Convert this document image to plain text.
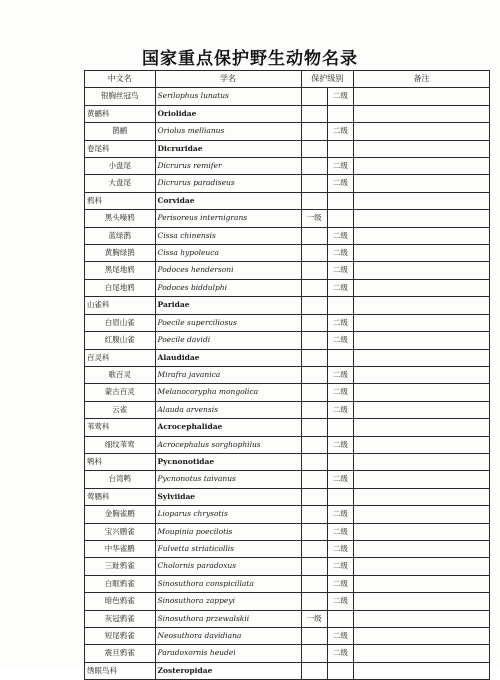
国家重点保护野生动物名录
中文名	学名	保护级别		备注
银胸丝冠鸟	Serilophus lunatus		二级	
黄鹂科	Oriolidae			
鹊鹂	Oriolus mellianus		二级	
卷尾科	Dicruridae			
小盘尾	Dicrurus remifer		二级	
大盘尾	Dicrurus paradiseus		二级	
鸦科	Corvidae			
黑头噪鸦	Perisoreus internigrans	一级		
蓝绿鹊	Cissa chinensis		二级	
黄胸绿鹊	Cissa hypoleuca		二级	
黑尾地鸦	Podoces hendersoni		二级	
白尾地鸦	Podoces biddulphi		二级	
山雀科	Paridae			
白眉山雀	Poecile superciliosus		二级	
红腹山雀	Poecile davidi		二级	
百灵科	Alaudidae			
歌百灵	Mirafra javanica		二级	
蒙古百灵	Melanocorypha mongolica		二级	
云雀	Alauda arvensis		二级	
苇莺科	Acrocephalidae			
细纹苇莺	Acrocephalus sorghophilus		二级	
鹎科	Pycnonotidae			
台湾鹎	Pycnonotus taivanus		二级	
莺鹛科	Sylviidae			
金胸雀鹛	Lioparus chrysotis		二级	
宝兴鹛雀	Moupinia poecilotis		二级	
中华雀鹛	Fulvetta striaticollis		二级	
三趾鸦雀	Cholornis paradoxus		二级	
白眶鸦雀	Sinosuthora conspicillata		二级	
暗色鸦雀	Sinosuthora zappeyi		二级	
灰冠鸦雀	Sinosuthora przewalskii	一级		
短尾鸦雀	Neosuthora davidiana		二级	
震旦鸦雀	Paradoxornis heudei		二级	
绣眼鸟科	Zosteropidae			
